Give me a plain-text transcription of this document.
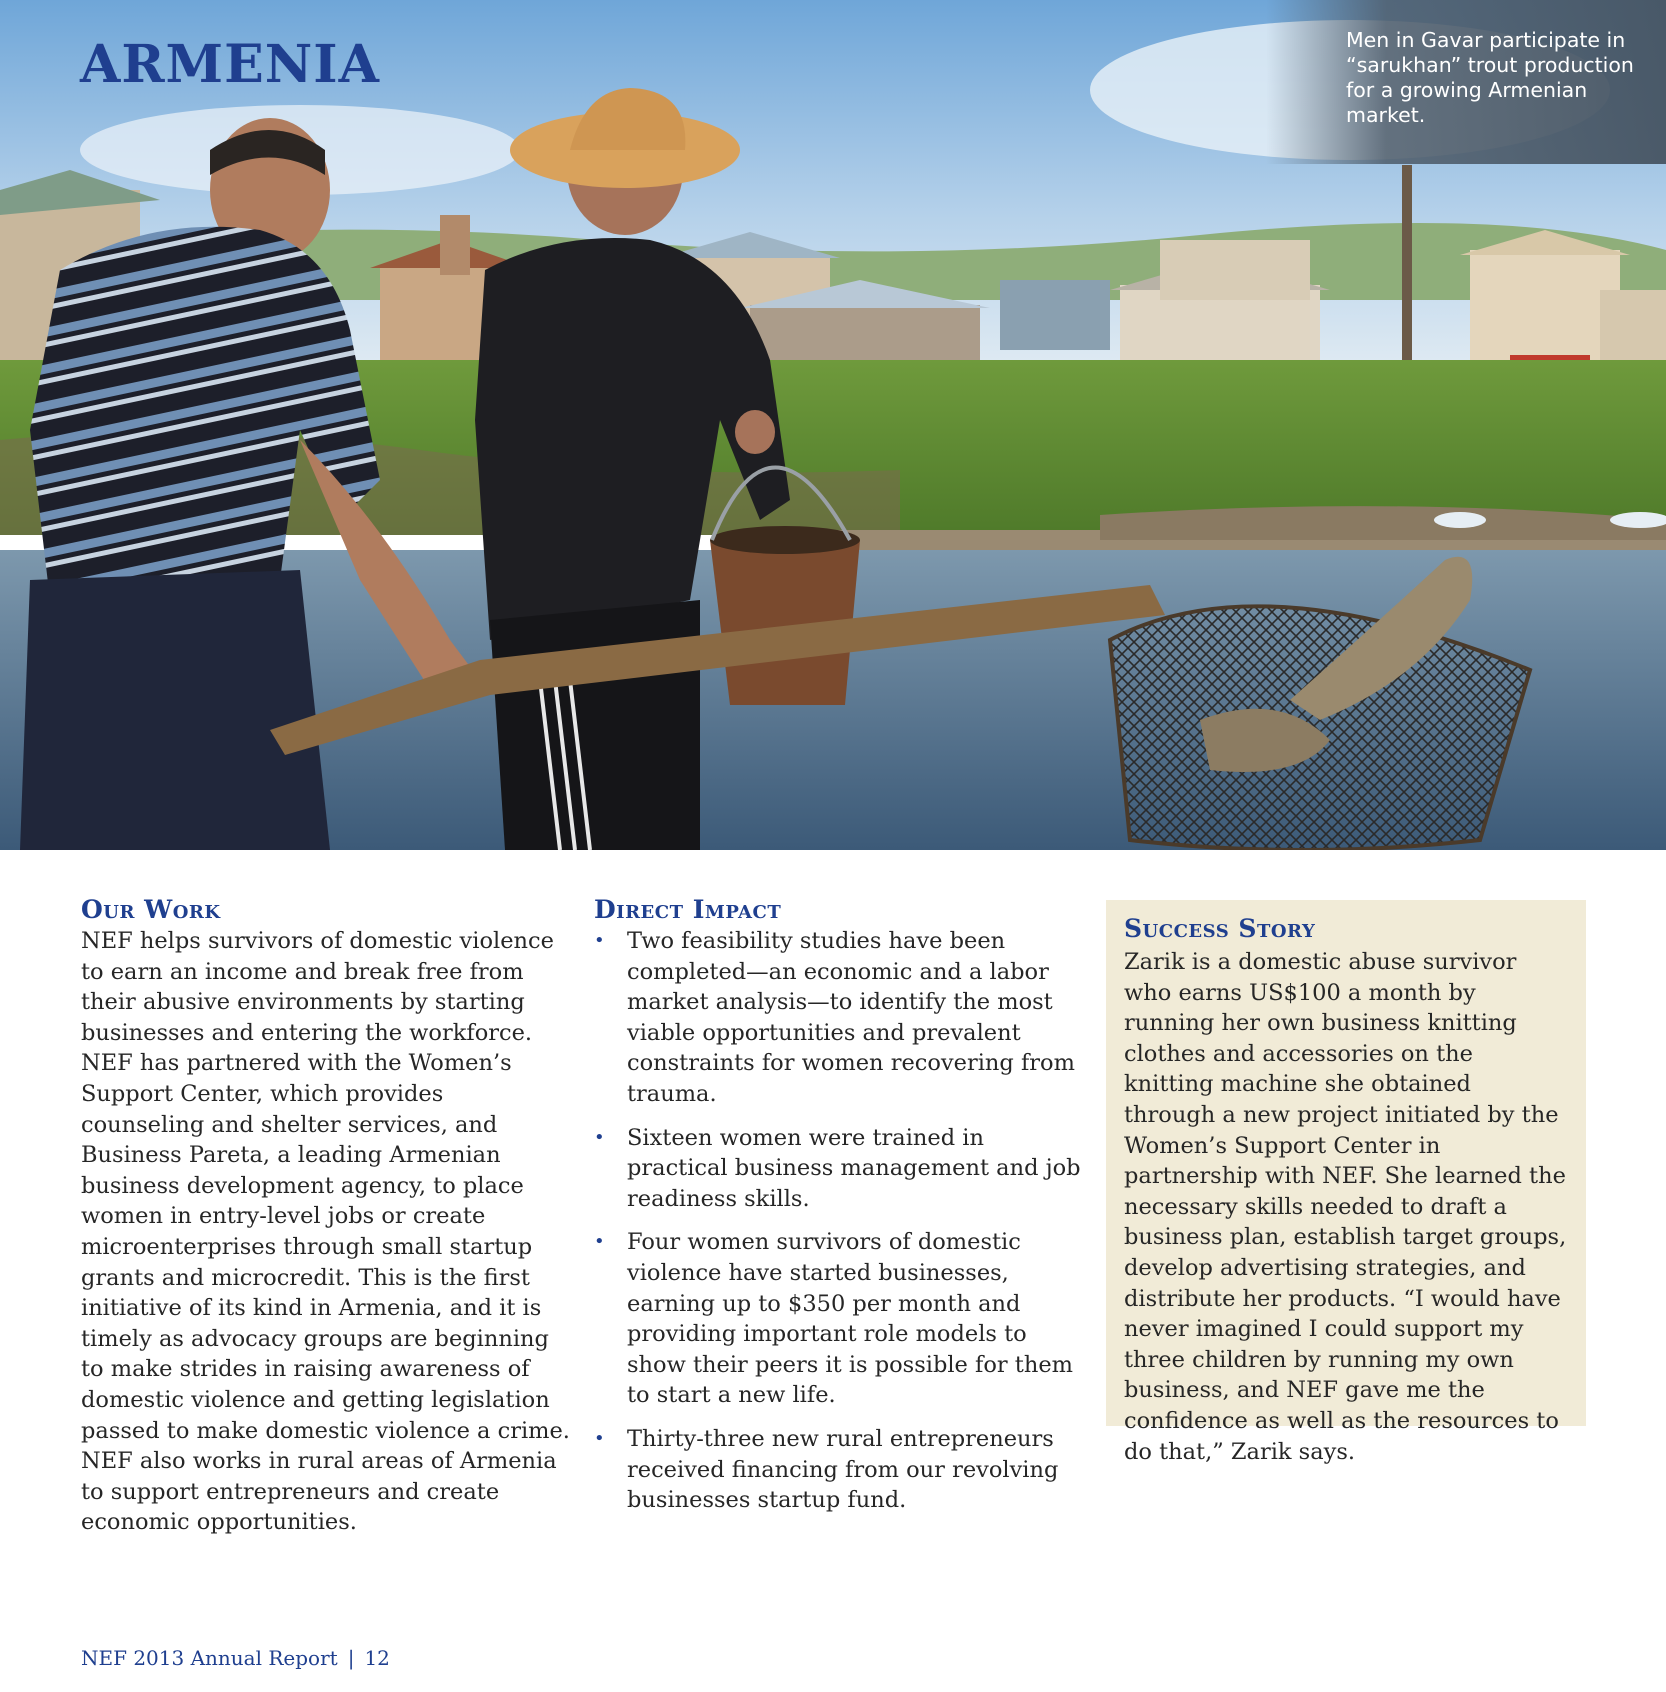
ARMENIA	Men in Gavar participate in “sarukhan” trout production for a growing Armenian market.

Our Work

NEF helps survivors of domestic violence to earn an income and break free from their abusive environments by starting businesses and entering the workforce. NEF has partnered with the Women’s Support Center, which provides counseling and shelter services, and Business Pareta, a leading Armenian business development agency, to place women in entry-level jobs or create microenterprises through small startup grants and microcredit. This is the first initiative of its kind in Armenia, and it is timely as advocacy groups are beginning to make strides in raising awareness of domestic violence and getting legislation passed to make domestic violence a crime. NEF also works in rural areas of Armenia to support entrepreneurs and create economic opportunities.

Direct Impact
• Two feasibility studies have been completed—an economic and a labor market analysis—to identify the most viable opportunities and prevalent constraints for women recovering from trauma.
• Sixteen women were trained in practical business management and job readiness skills.
• Four women survivors of domestic violence have started businesses, earning up to $350 per month and providing important role models to show their peers it is possible for them to start a new life.
• Thirty-three new rural entrepreneurs received financing from our revolving businesses startup fund.
Success Story

Zarik is a domestic abuse survivor who earns US$100 a month by running her own business knitting clothes and accessories on the knitting machine she obtained through a new project initiated by the Women’s Support Center in partnership with NEF. She learned the necessary skills needed to draft a business plan, establish target groups, develop advertising strategies, and distribute her products. “I would have never imagined I could support my three children by running my own business, and NEF gave me the confidence as well as the resources to do that,” Zarik says.

NEF 2013 Annual Report | 12
